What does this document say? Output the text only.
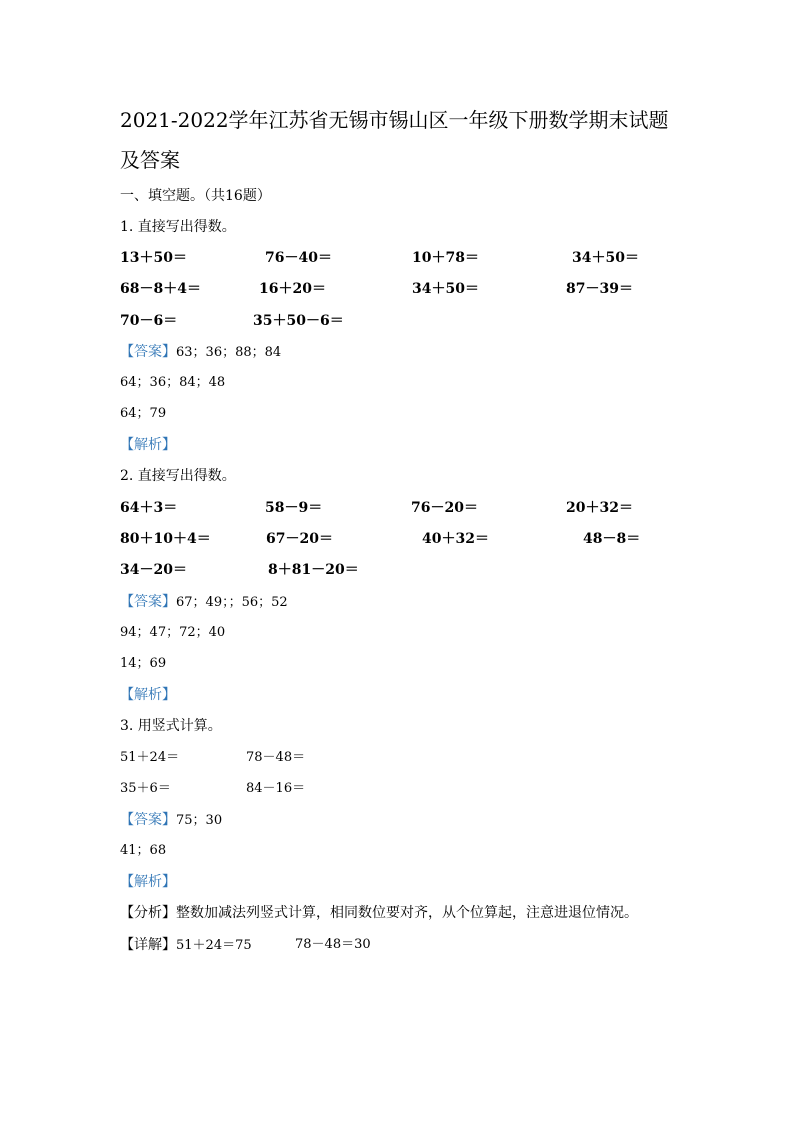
2021-2022学年江苏省无锡市锡山区一年级下册数学期末试题及答案
一、填空题。（共16题）
1. 直接写出得数。
13＋50＝	76－40＝	10＋78＝	34＋50＝
68－8＋4＝	16＋20＝	34＋50＝	87－39＝
70－6＝	35＋50－6＝
【答案】63；36；88；84
64；36；84；48
64；79
【解析】
2. 直接写出得数。
64＋3＝	58－9＝	76－20＝	20＋32＝
80＋10＋4＝	67－20＝	40＋32＝	48－8＝
34－20＝	8＋81－20＝
【答案】67；49；；56；52
94；47；72；40
14；69
【解析】
3. 用竖式计算。
51＋24＝	78－48＝
35＋6＝	84－16＝
【答案】75；30
41；68
【解析】
【分析】整数加减法列竖式计算，相同数位要对齐，从个位算起，注意进退位情况。
【详解】51＋24＝75	78－48＝30
